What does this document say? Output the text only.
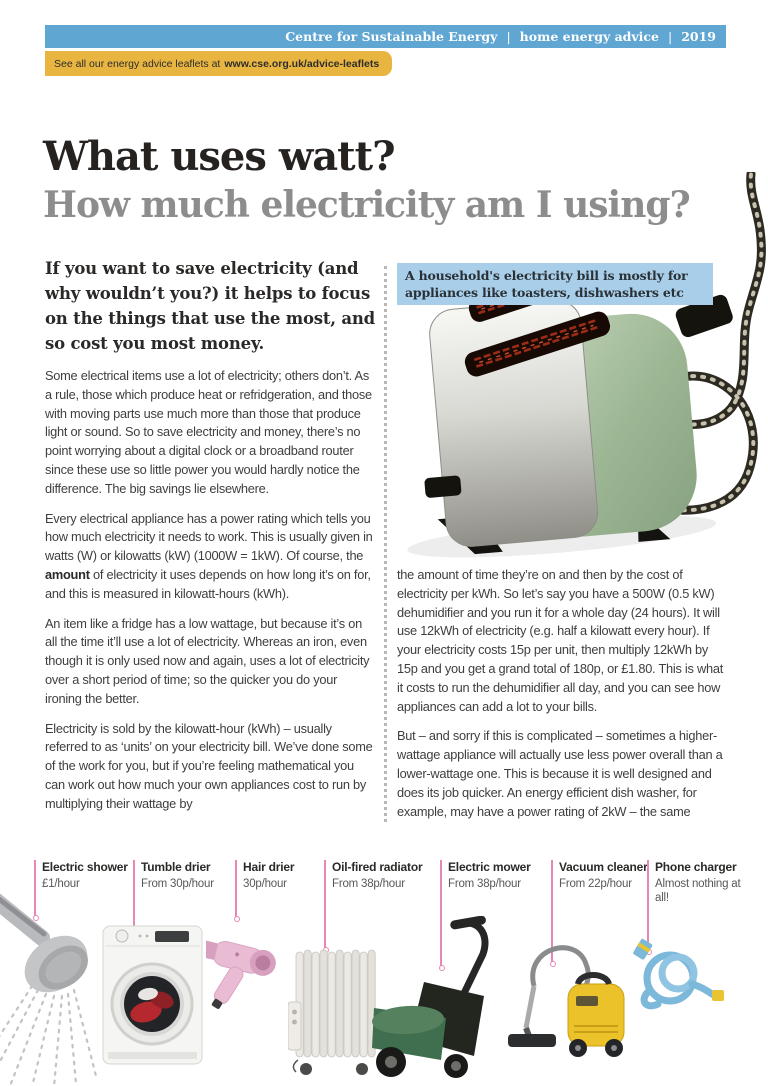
Centre for Sustainable Energy | home energy advice | 2019
See all our energy advice leaflets at www.cse.org.uk/advice-leaflets
What uses watt?
How much electricity am I using?
A household's electricity bill is mostly for appliances like toasters, dishwashers etc

If you want to save electricity (and why wouldn’t you?) it helps to focus on the things that use the most, and so cost you most money.

Some electrical items use a lot of electricity; others don’t. As a rule, those which produce heat or refridgeration, and those with moving parts use much more than those that produce light or sound. So to save electricity and money, there’s no point worrying about a digital clock or a broadband router since these use so little power you would hardly notice the difference. The big savings lie elsewhere.

Every electrical appliance has a power rating which tells you how much electricity it needs to work. This is usually given in watts (W) or kilowatts (kW) (1000W = 1kW). Of course, the amount of electricity it uses depends on how long it’s on for, and this is measured in kilowatt-hours (kWh).

An item like a fridge has a low wattage, but because it’s on all the time it’ll use a lot of electricity. Whereas an iron, even though it is only used now and again, uses a lot of electricity over a short period of time; so the quicker you do your ironing the better.

Electricity is sold by the kilowatt-hour (kWh) – usually referred to as ‘units’ on your electricity bill. We’ve done some of the work for you, but if you’re feeling mathematical you can work out how much your own appliances cost to run by multiplying their wattage by

the amount of time they’re on and then by the cost of electricity per kWh. So let’s say you have a 500W (0.5 kW) dehumidifier and you run it for a whole day (24 hours). It will use 12kWh of electricity (e.g. half a kilowatt every hour). If your electricity costs 15p per unit, then multiply 12kWh by 15p and you get a grand total of 180p, or £1.80. This is what it costs to run the dehumidifier all day, and you can see how appliances can add a lot to your bills.

But – and sorry if this is complicated – sometimes a higher-wattage appliance will actually use less power overall than a lower-wattage one. This is because it is well designed and does its job quicker. An energy efficient dish washer, for example, may have a power rating of 2kW – the same

Electric shower
£1/hour
Tumble drier
From 30p/hour
Hair drier
30p/hour
Oil-fired radiator
From 38p/hour
Electric mower
From 38p/hour
Vacuum cleaner
From 22p/hour
Phone charger
Almost nothing at all!
